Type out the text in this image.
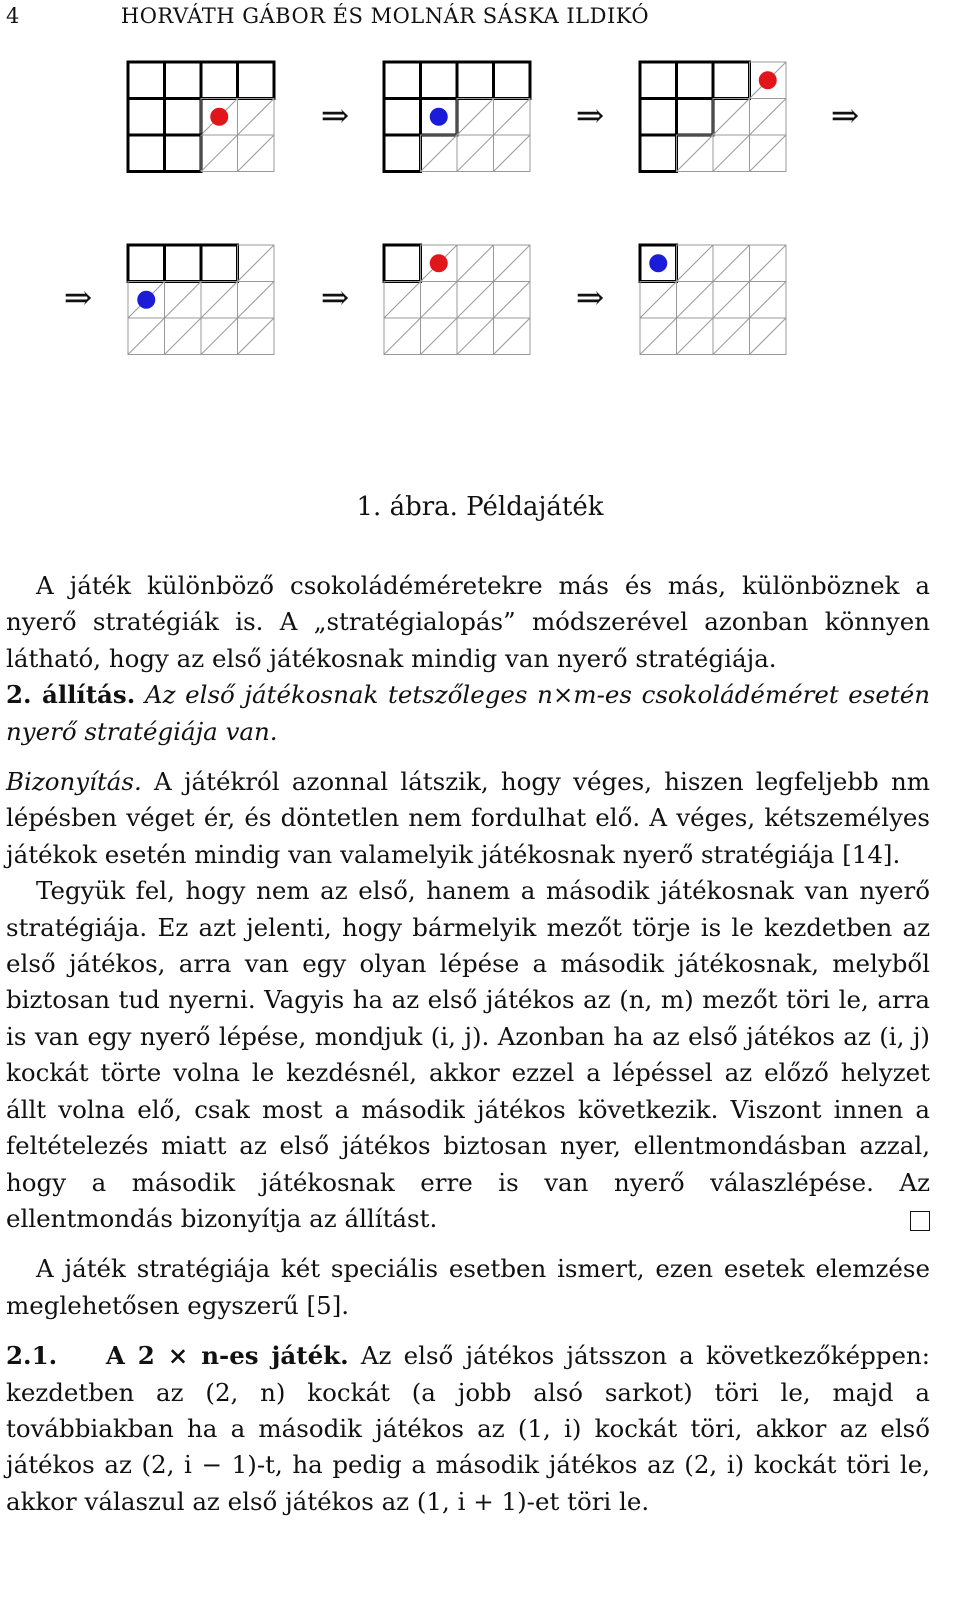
4	HORVÁTH GÁBOR ÉS MOLNÁR SÁSKA ILDIKÓ
⇒	⇒	⇒
⇒	⇒	⇒
1. ábra. Példajáték

A játék különböző csokoládéméretekre más és más, különböznek a nyerő stratégiák is. A „stratégialopás” módszerével azonban könnyen látható, hogy az első játékosnak mindig van nyerő stratégiája.

2. állítás. Az első játékosnak tetszőleges n×m-es csokoládéméret esetén nyerő stratégiája van.

Bizonyítás. A játékról azonnal látszik, hogy véges, hiszen legfeljebb nm lépésben véget ér, és döntetlen nem fordulhat elő. A véges, kétszemélyes játékok esetén mindig van valamelyik játékosnak nyerő stratégiája [14].

Tegyük fel, hogy nem az első, hanem a második játékosnak van nyerő stratégiája. Ez azt jelenti, hogy bármelyik mezőt törje is le kezdetben az első játékos, arra van egy olyan lépése a második játékosnak, melyből biztosan tud nyerni. Vagyis ha az első játékos az (n, m) mezőt töri le, arra is van egy nyerő lépése, mondjuk (i, j). Azonban ha az első játékos az (i, j) kockát törte volna le kezdésnél, akkor ezzel a lépéssel az előző helyzet állt volna elő, csak most a második játékos következik. Viszont innen a feltételezés miatt az első játékos biztosan nyer, ellentmondásban azzal, hogy a második játékosnak erre is van nyerő válaszlépése. Az ellentmondás bizonyítja az állítást.

A játék stratégiája két speciális esetben ismert, ezen esetek elemzése meglehetősen egyszerű [5].

2.1. A 2 × n-es játék. Az első játékos játsszon a következőképpen: kezdetben az (2, n) kockát (a jobb alsó sarkot) töri le, majd a továbbiakban ha a második játékos az (1, i) kockát töri, akkor az első játékos az (2, i − 1)-t, ha pedig a második játékos az (2, i) kockát töri le, akkor válaszul az első játékos az (1, i + 1)-et töri le.
